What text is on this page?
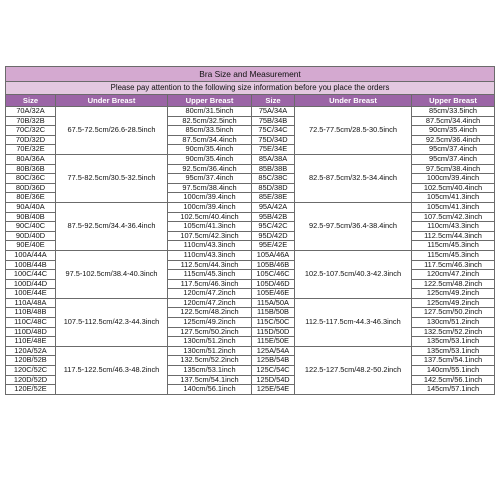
Bra Size and Measurement					
Please pay attention to the following size information before you place the orders					
Size	Under Breast	Upper Breast	Size	Under Breast	Upper Breast
70A/32A	67.5-72.5cm/26.6-28.5inch	80cm/31.5inch	75A/34A	72.5-77.5cm/28.5-30.5inch	85cm/33.5inch
70B/32B		82.5cm/32.5inch	75B/34B		87.5cm/34.4inch
70C/32C		85cm/33.5inch	75C/34C		90cm/35.4inch
70D/32D		87.5cm/34.4inch	75D/34D		92.5cm/36.4inch
70E/32E		90cm/35.4inch	75E/34E		95cm/37.4inch
80A/36A	77.5-82.5cm/30.5-32.5inch	90cm/35.4inch	85A/38A	82.5-87.5cm/32.5-34.4inch	95cm/37.4inch
80B/36B		92.5cm/36.4inch	85B/38B		97.5cm/38.4inch
80C/36C		95cm/37.4inch	85C/38C		100cm/39.4inch
80D/36D		97.5cm/38.4inch	85D/38D		102.5cm/40.4inch
80E/36E		100cm/39.4inch	85E/38E		105cm/41.3inch
90A/40A	87.5-92.5cm/34.4-36.4inch	100cm/39.4inch	95A/42A	92.5-97.5cm/36.4-38.4inch	105cm/41.3inch
90B/40B		102.5cm/40.4inch	95B/42B		107.5cm/42.3inch
90C/40C		105cm/41.3inch	95C/42C		110cm/43.3inch
90D/40D		107.5cm/42.3inch	95D/42D		112.5cm/44.3inch
90E/40E		110cm/43.3inch	95E/42E		115cm/45.3inch
100A/44A	97.5-102.5cm/38.4-40.3inch	110cm/43.3inch	105A/46A	102.5-107.5cm/40.3-42.3inch	115cm/45.3inch
100B/44B		112.5cm/44.3inch	105B/46B		117.5cm/46.3inch
100C/44C		115cm/45.3inch	105C/46C		120cm/47.2inch
100D/44D		117.5cm/46.3inch	105D/46D		122.5cm/48.2inch
100E/44E		120cm/47.2inch	105E/46E		125cm/49.2inch
110A/48A	107.5-112.5cm/42.3-44.3inch	120cm/47.2inch	115A/50A	112.5-117.5cm-44.3-46.3inch	125cm/49.2inch
110B/48B		122.5cm/48.2inch	115B/50B		127.5cm/50.2inch
110C/48C		125cm/49.2inch	115C/50C		130cm/51.2inch
110D/48D		127.5cm/50.2inch	115D/50D		132.5cm/52.2inch
110E/48E		130cm/51.2inch	115E/50E		135cm/53.1inch
120A/52A	117.5-122.5cm/46.3-48.2inch	130cm/51.2inch	125A/54A	122.5-127.5cm/48.2-50.2inch	135cm/53.1inch
120B/52B		132.5cm/52.2inch	125B/54B		137.5cm/54.1inch
120C/52C		135cm/53.1inch	125C/54C		140cm/55.1inch
120D/52D		137.5cm/54.1inch	125D/54D		142.5cm/56.1inch
120E/52E		140cm/56.1inch	125E/54E		145cm/57.1inch
